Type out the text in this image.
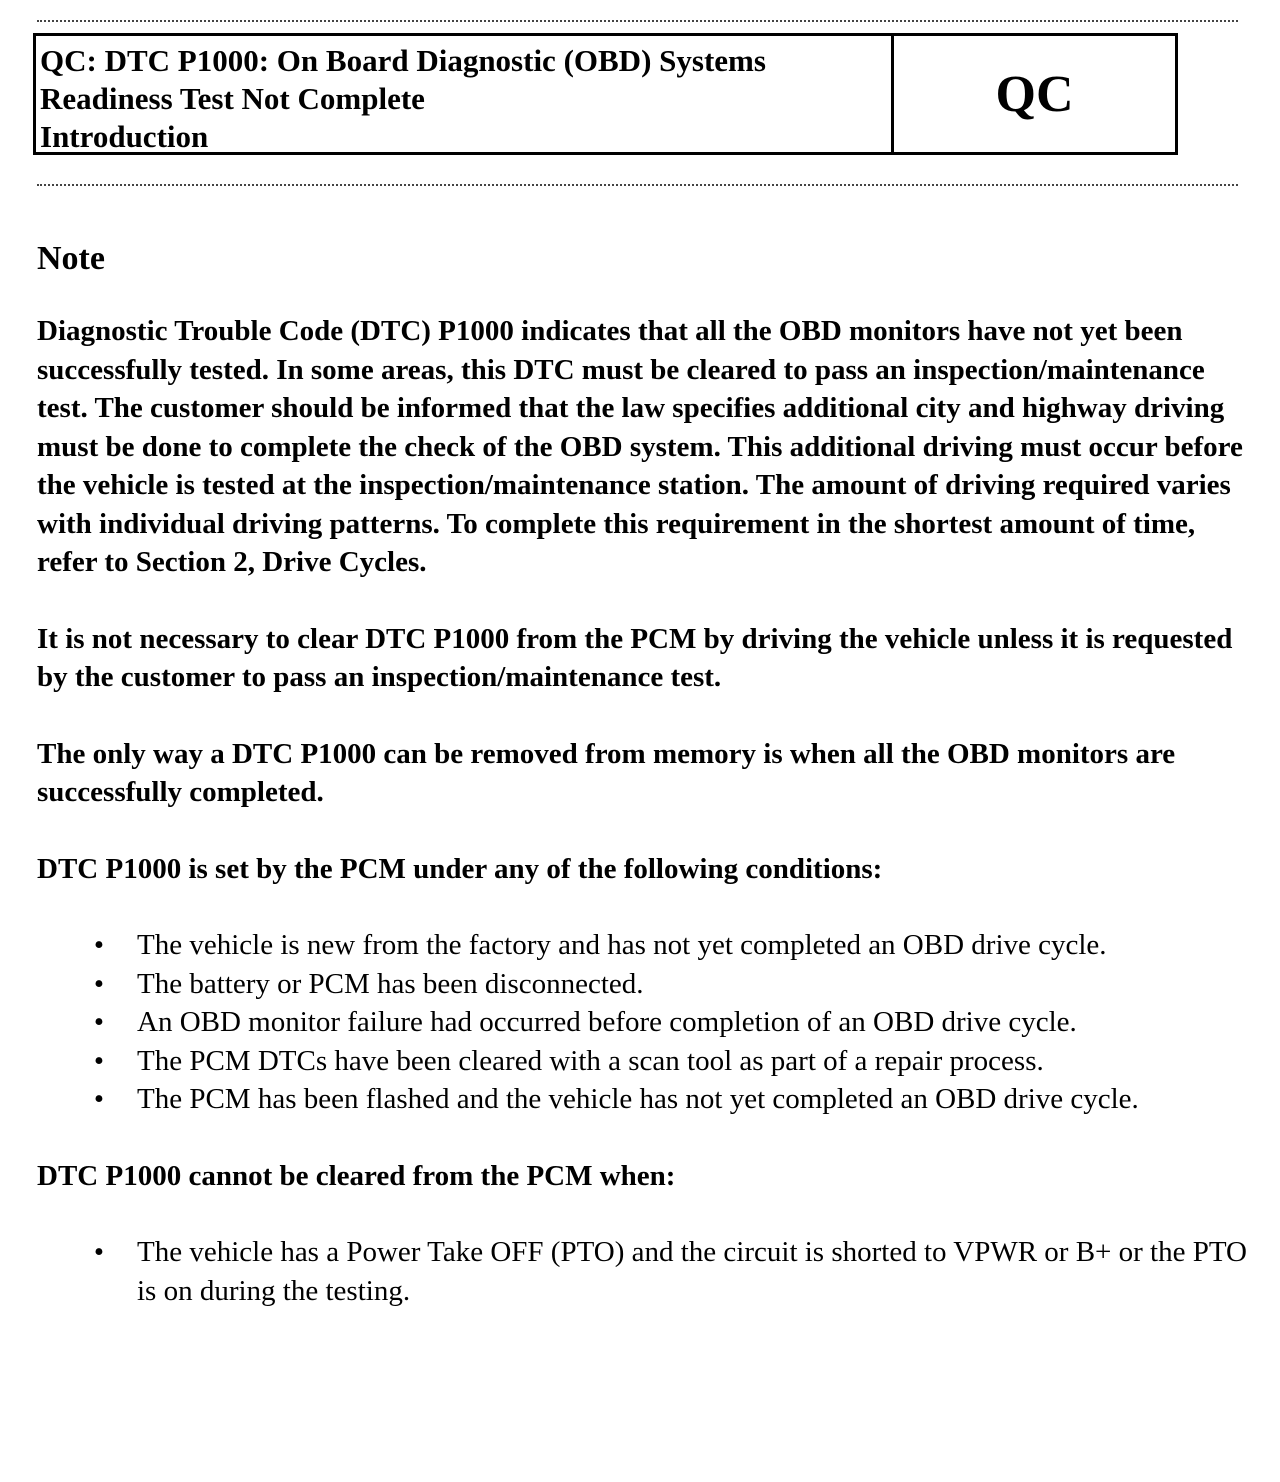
QC: DTC P1000: On Board Diagnostic (OBD) Systems
Readiness Test Not Complete
Introduction
QC
Note

Diagnostic Trouble Code (DTC) P1000 indicates that all the OBD monitors have not yet been successfully tested. In some areas, this DTC must be cleared to pass an inspection/maintenance test. The customer should be informed that the law specifies additional city and highway driving must be done to complete the check of the OBD system. This additional driving must occur before the vehicle is tested at the inspection/maintenance station. The amount of driving required varies with individual driving patterns. To complete this requirement in the shortest amount of time, refer to Section 2, Drive Cycles.

It is not necessary to clear DTC P1000 from the PCM by driving the vehicle unless it is requested by the customer to pass an inspection/maintenance test.

The only way a DTC P1000 can be removed from memory is when all the OBD monitors are successfully completed.

DTC P1000 is set by the PCM under any of the following conditions:

• The vehicle is new from the factory and has not yet completed an OBD drive cycle.
• The battery or PCM has been disconnected.
• An OBD monitor failure had occurred before completion of an OBD drive cycle.
• The PCM DTCs have been cleared with a scan tool as part of a repair process.
• The PCM has been flashed and the vehicle has not yet completed an OBD drive cycle.

DTC P1000 cannot be cleared from the PCM when:

• The vehicle has a Power Take OFF (PTO) and the circuit is shorted to VPWR or B+ or the PTO is on during the testing.
